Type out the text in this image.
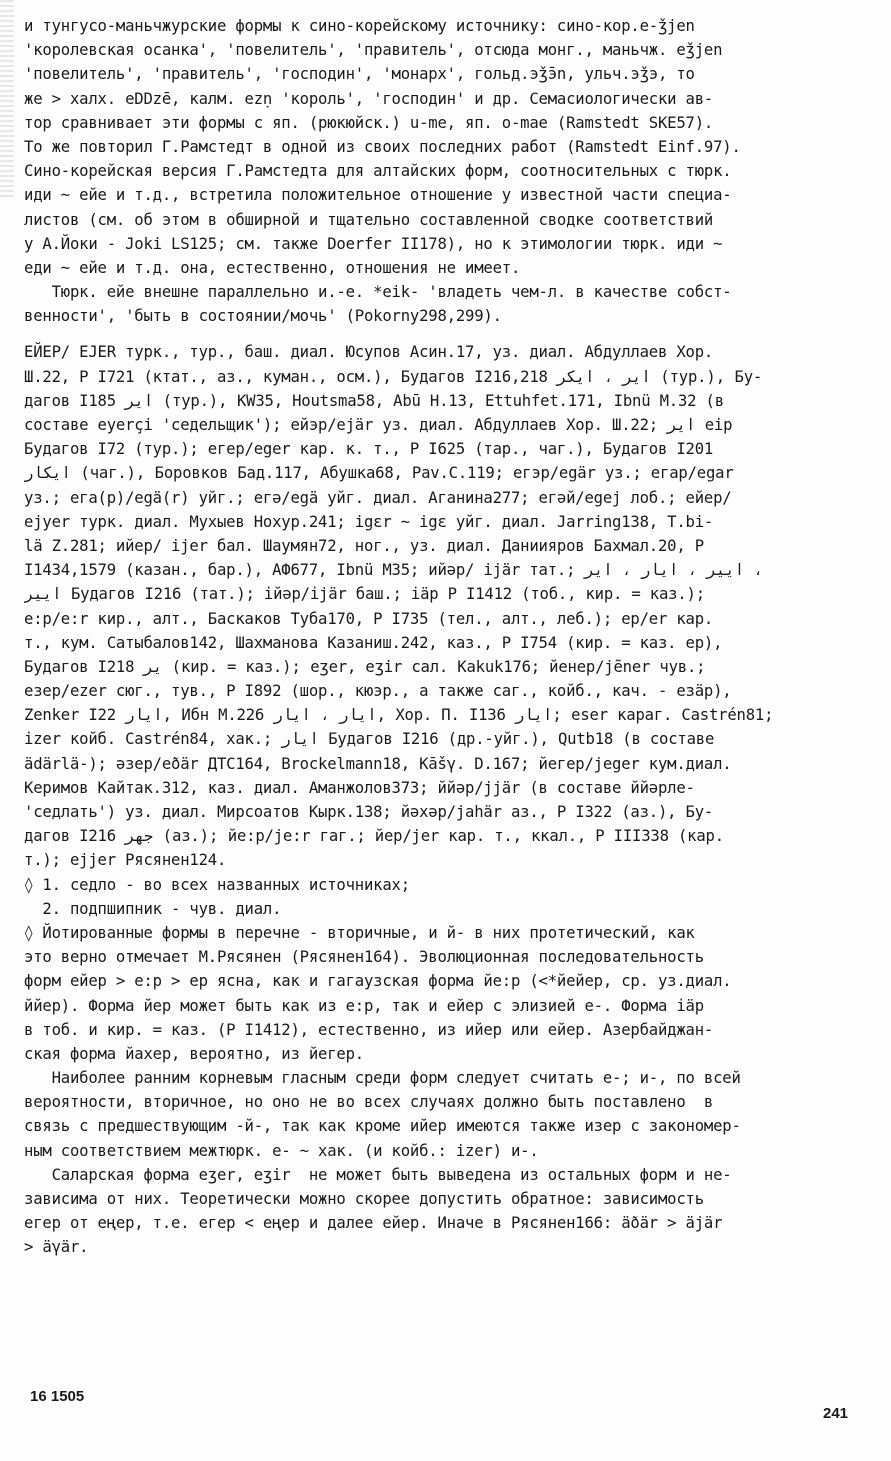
и тунгусо-маньчжурские формы к сино-корейскому источнику: сино-кор.е-ǯjen
'королевская осанка', 'повелитель', 'правитель', отсюда монг., маньчж. eǯjen
'повелитель', 'правитель', 'господин', 'монарх', гольд.эǯэ̄n, ульч.эǯэ, то
же > халх. eDDzē, калм. ezṇ 'король', 'господин' и др. Семасиологически ав-
тор сравнивает эти формы с яп. (рюкюйск.) u-me, яп. o-mae (Ramstedt SKE57).
То же повторил Г.Рамстедт в одной из своих последних работ (Ramstedt Einf.97).
Сино-корейская версия Г.Рамстедта для алтайских форм, соотносительных с тюрк.
иди ~ ейе и т.д., встретила положительное отношение у известной части специа-
листов (см. об этом в обширной и тщательно составленной сводке соответствий
у А.Йоки - Joki LS125; см. также Doerfer II178), но к этимологии тюрк. иди ~
еди ~ ейе и т.д. она, естественно, отношения не имеет.
Тюрк. ейе внешне параллельно и.-е. *eik- 'владеть чем-л. в качестве собст-
венности', 'быть в состоянии/мочь' (Pokorny298,299).
ЕЙЕР/ ЕJЕR турк., тур., баш. диал. Юсупов Асин.17, уз. диал. Абдуллаев Хор.
Ш.22, Р I721 (ктат., аз., куман., осм.), Будагов I216,218 اير ، ايكر (тур.), Бу-
дагов I185 اير (тур.), KW35, Houtsma58, Abū H.13, Ettuhfet.171, Ibnü M.32 (в
составе eyerçi 'седельщик'); ейэр/ejär уз. диал. Абдуллаев Хор. Ш.22; اير eip
Будагов I72 (тур.); егер/eger кар. к. т., Р I625 (тар., чаг.), Будагов I201
ايكار (чаг.), Боровков Бад.117, Абушка68, Pav.C.119; егэр/egär уз.; егар/egar
уз.; ега(р)/egä(r) уйг.; егә/egä уйг. диал. Аганина277; егәй/egej лоб.; ейер/
ejyer турк. диал. Мухыев Нохур.241; igɛr ~ igɛ уйг. диал. Jarring138, T.bi-
lä Z.281; ийер/ ijer бал. Шаумян72, ног., уз. диал. Даниияров Бахмал.20, Р
I1434,1579 (казан., бар.), АФ677, Ibnü M35; ийәр/ ijär тат.; ايير ، ايار ، اير ،
ايير Будагов I216 (тат.); ійәр/іjär баш.; іäр Р I1412 (тоб., кир. = каз.);
е:р/e:r кир., алт., Баскаков Туба170, Р I735 (тел., алт., леб.); ер/er кар.
т., кум. Сатыбалов142, Шахманова Казаниш.242, каз., Р I754 (кир. = каз. ер),
Будагов I218 ير (кир. = каз.); eʒer, eʒir сал. Kakuk176; йенер/jẽner чув.;
езер/ezer сюг., тув., Р I892 (шор., кюэр., а также саг., койб., кач. - езäр),
Zenker I22 ايار, Ибн М.226 ايار ، ايار, Хор. П. I136 ايار; eser караг. Castrén81;
іzer койб. Castrén84, хак.; ايار Будагов I216 (др.-уйг.), Qutb18 (в составе
ädärlä-); әзер/eðär ДТС164, Brockelmann18, Kāšγ. D.167; йегер/jeger кум.диал.
Керимов Кайтак.312, каз. диал. Аманжолов373; ййәр/jjär (в составе ййәрле-
'седлать') уз. диал. Мирсоатов Кырк.138; йәхәр/jahär аз., Р I322 (аз.), Бу-
дагов I216 جهر (аз.); йе:р/je:r гаг.; йер/jer кар. т., ккал., Р III338 (кар.
т.); ejjer Рясянен124.
◊ 1. седло - во всех названных источниках;
2. подпшипник - чув. диал.
◊ Йотированные формы в перечне - вторичные, и й- в них протетический, как
это верно отмечает М.Рясянен (Рясянен164). Эволюционная последовательность
форм ейер > е:р > ер ясна, как и гагаузская форма йе:р (<*йейер, ср. уз.диал.
ййер). Форма йер может быть как из е:р, так и ейер с элизией е-. Форма іäр
в тоб. и кир. = каз. (Р I1412), естественно, из ийер или ейер. Азербайджан-
ская форма йахер, вероятно, из йегер.
Наиболее ранним корневым гласным среди форм следует считать е-; и-, по всей
вероятности, вторичное, но оно не во всех случаях должно быть поставлено  в
связь с предшествующим -й-, так как кроме ийер имеются также изер с закономер-
ным соответствием межтюрк. е- ~ хак. (и койб.: izer) и-.
Саларская форма eʒer, eʒir  не может быть выведена из остальных форм и не-
зависима от них. Теоретически можно скорее допустить обратное: зависимость
егер от еңер, т.е. егер < еңер и далее ейер. Иначе в Рясянен166: äðär > äjär
> äγär.
16 1505
241
